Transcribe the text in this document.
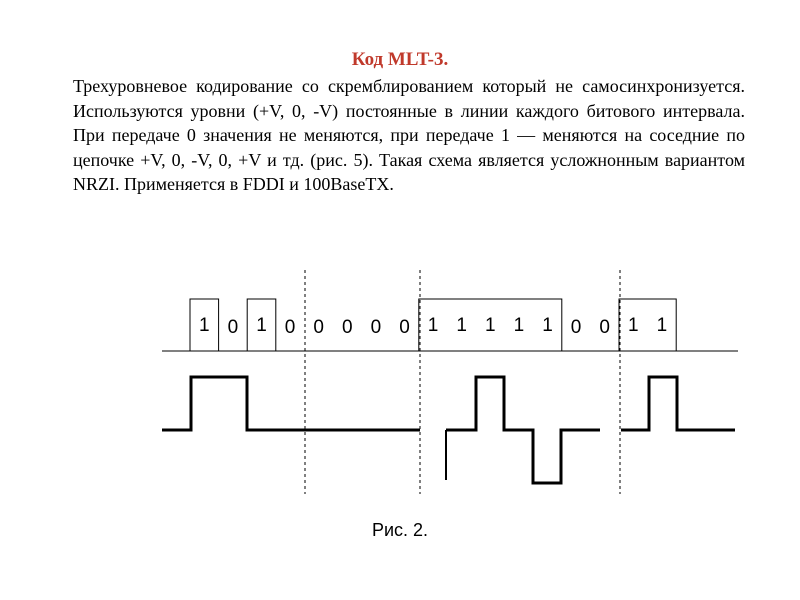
Код MLT-3.

Трехуровневое кодирование со скремблированием который не самосинхронизуется. Используются уровни (+V, 0, -V) постоянные в линии каждого битового интервала. При передаче 0 значения не меняются, при передаче 1 — меняются на соседние по цепочке +V, 0, -V, 0, +V и тд. (рис. 5). Такая схема является усложнонным вариантом NRZI. Применяется в FDDI и 100BaseTX.

1 0 1 0 0 0 0 0 1 1 1 1 1 0 0 1 1
Рис. 2.
